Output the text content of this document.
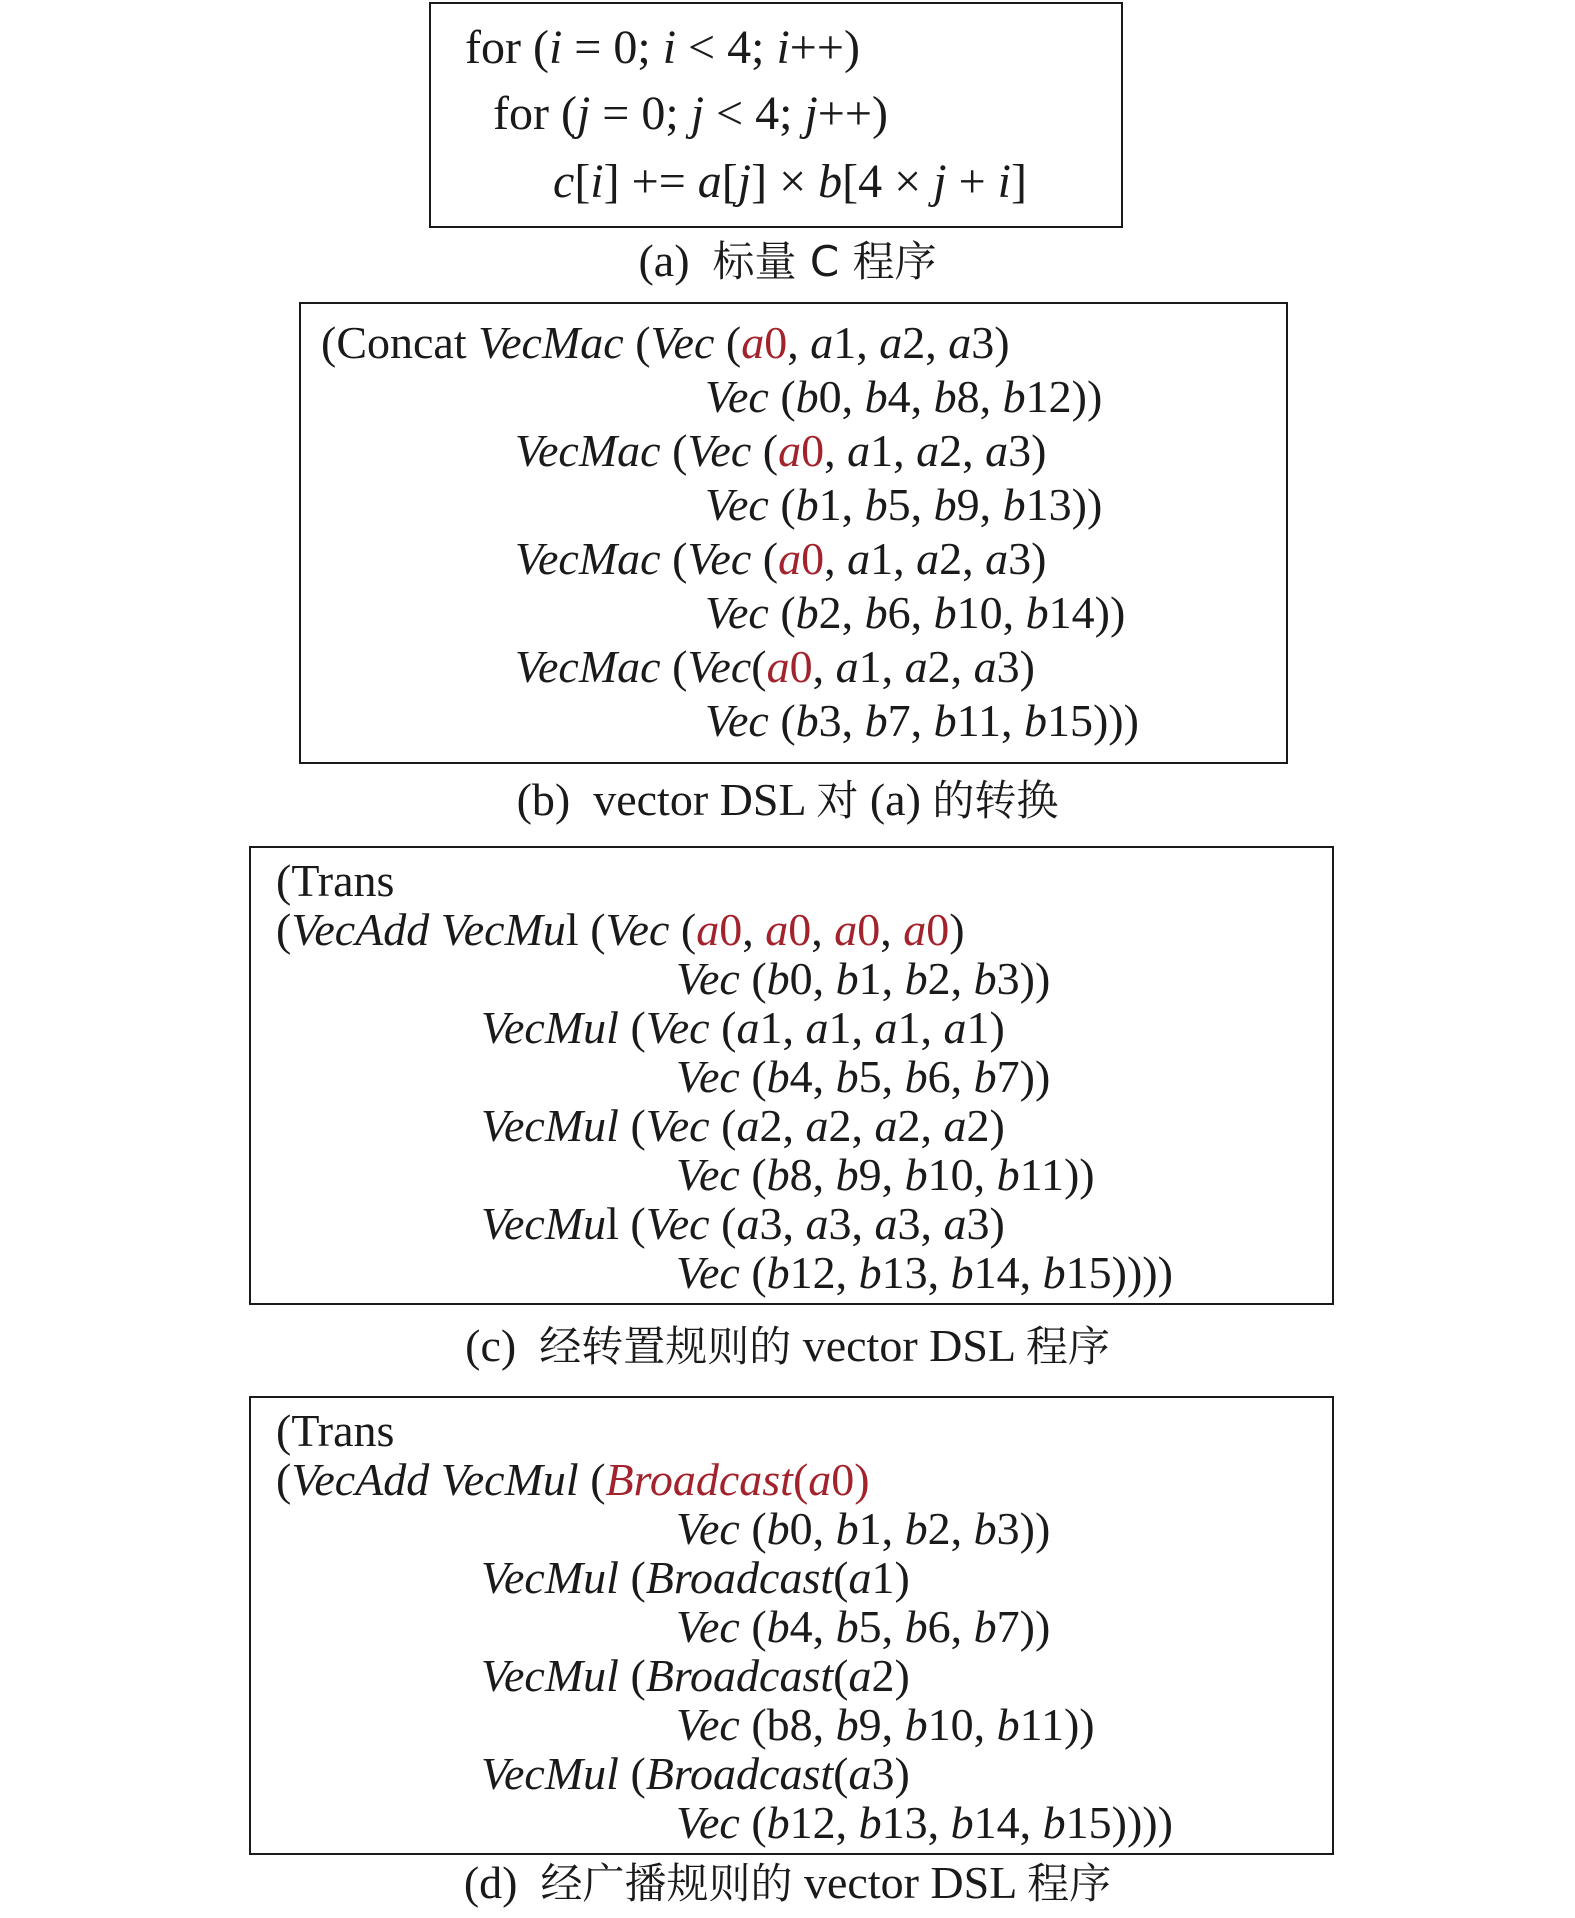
for (i = 0; i < 4; i++)
for (j = 0; j < 4; j++)
c[i] += a[j] × b[4 × j + i]
(a) 标量 C 程序
(Concat VecMac (Vec (a0, a1, a2, a3)
Vec (b0, b4, b8, b12))
VecMac (Vec (a0, a1, a2, a3)
Vec (b1, b5, b9, b13))
VecMac (Vec (a0, a1, a2, a3)
Vec (b2, b6, b10, b14))
VecMac (Vec(a0, a1, a2, a3)
Vec (b3, b7, b11, b15)))
(b)  vector DSL 对 (a) 的转换
(Trans
(VecAdd VecMul (Vec (a0, a0, a0, a0)
Vec (b0, b1, b2, b3))
VecMul (Vec (a1, a1, a1, a1)
Vec (b4, b5, b6, b7))
VecMul (Vec (a2, a2, a2, a2)
Vec (b8, b9, b10, b11))
VecMul (Vec (a3, a3, a3, a3)
Vec (b12, b13, b14, b15))))
(c) 经转置规则的 vector DSL 程序
(Trans
(VecAdd VecMul (Broadcast(a0)
Vec (b0, b1, b2, b3))
VecMul (Broadcast(a1)
Vec (b4, b5, b6, b7))
VecMul (Broadcast(a2)
Vec (b8, b9, b10, b11))
VecMul (Broadcast(a3)
Vec (b12, b13, b14, b15))))
(d) 经广播规则的 vector DSL 程序
